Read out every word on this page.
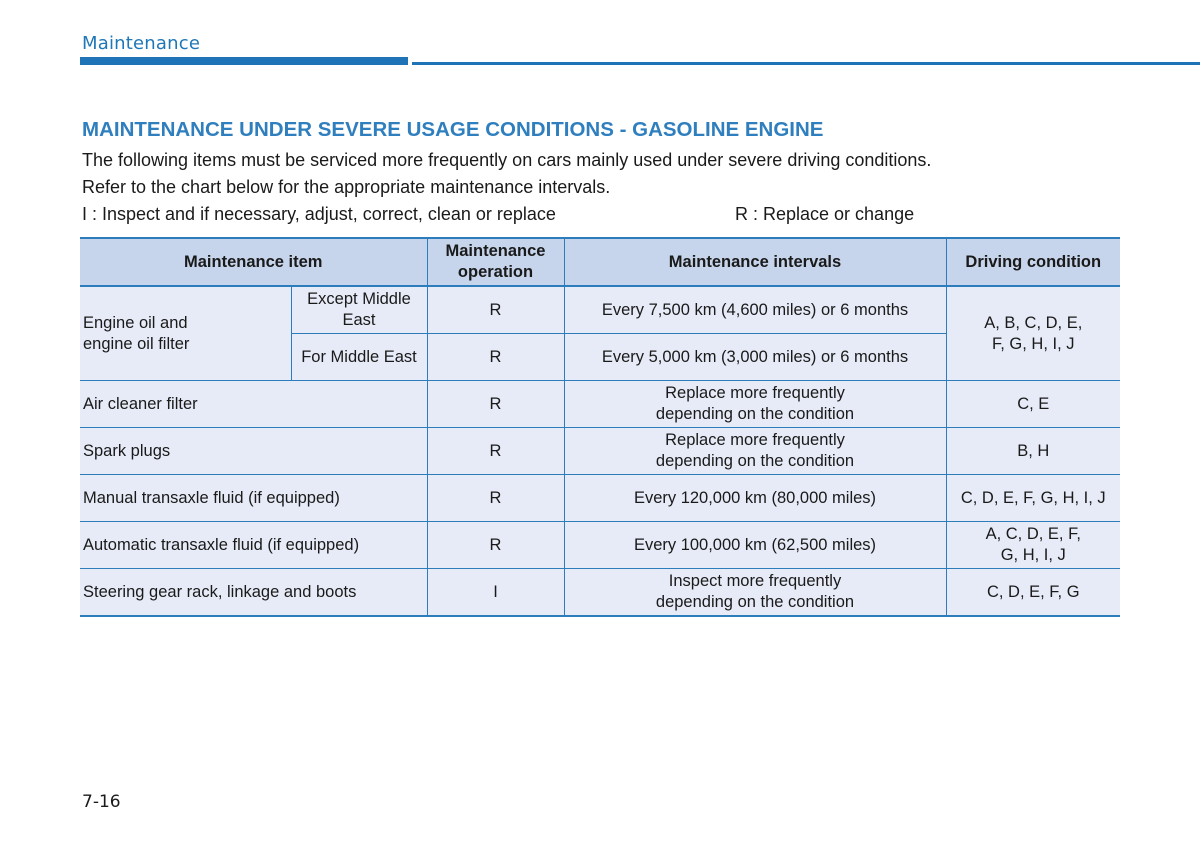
Maintenance
MAINTENANCE UNDER SEVERE USAGE CONDITIONS - GASOLINE ENGINE
The following items must be serviced more frequently on cars mainly used under severe driving conditions.
Refer to the chart below for the appropriate maintenance intervals.
I : Inspect and if necessary, adjust, correct, clean or replace	R : Replace or change
Maintenance item		Maintenance
operation	Maintenance intervals	Driving condition
Engine oil and
engine oil filter	Except Middle
East	R	Every 7,500 km (4,600 miles) or 6 months	A, B, C, D, E,
F, G, H, I, J
	For Middle East	R	Every 5,000 km (3,000 miles) or 6 months	
Air cleaner filter		R	Replace more frequently
depending on the condition	C, E
Spark plugs		R	Replace more frequently
depending on the condition	B, H
Manual transaxle fluid (if equipped)		R	Every 120,000 km (80,000 miles)	C, D, E, F, G, H, I, J
Automatic transaxle fluid (if equipped)		R	Every 100,000 km (62,500 miles)	A, C, D, E, F,
G, H, I, J
Steering gear rack, linkage and boots		I	Inspect more frequently
depending on the condition	C, D, E, F, G
7-16
